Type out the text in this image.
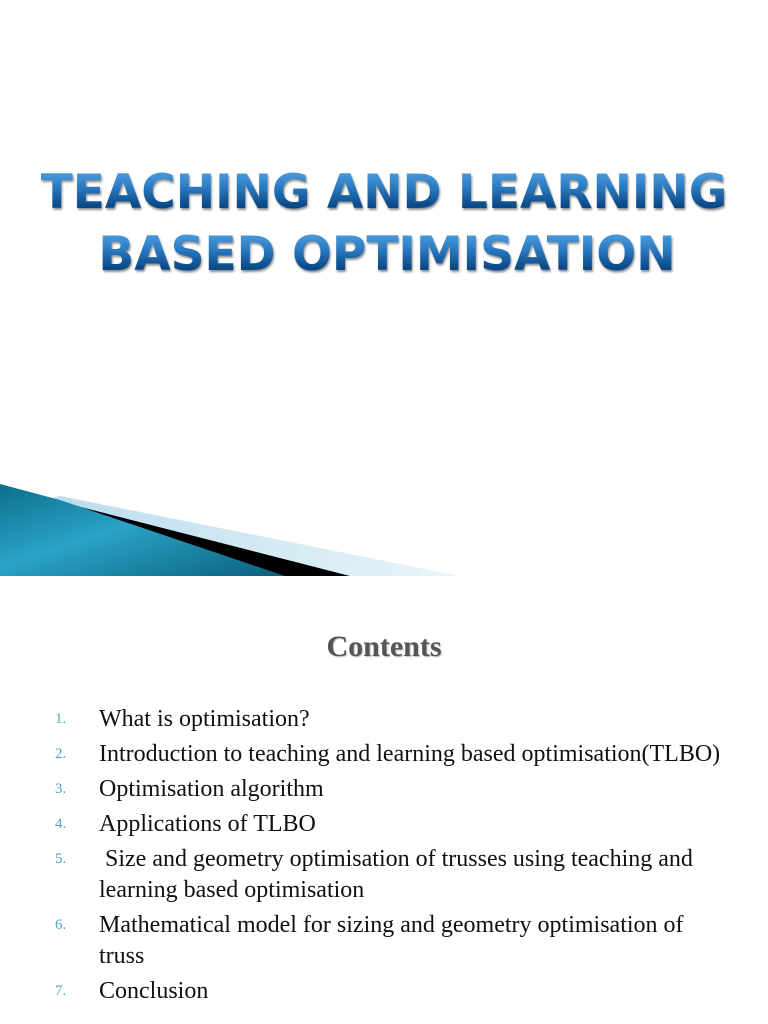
TEACHING AND LEARNING
BASED OPTIMISATION
Contents
1. What is optimisation?
2. Introduction to teaching and learning based optimisation(TLBO)
3. Optimisation algorithm
4. Applications of TLBO
5. Size and geometry optimisation of trusses using teaching and learning based optimisation
6. Mathematical model for sizing and geometry optimisation of truss
7. Conclusion
